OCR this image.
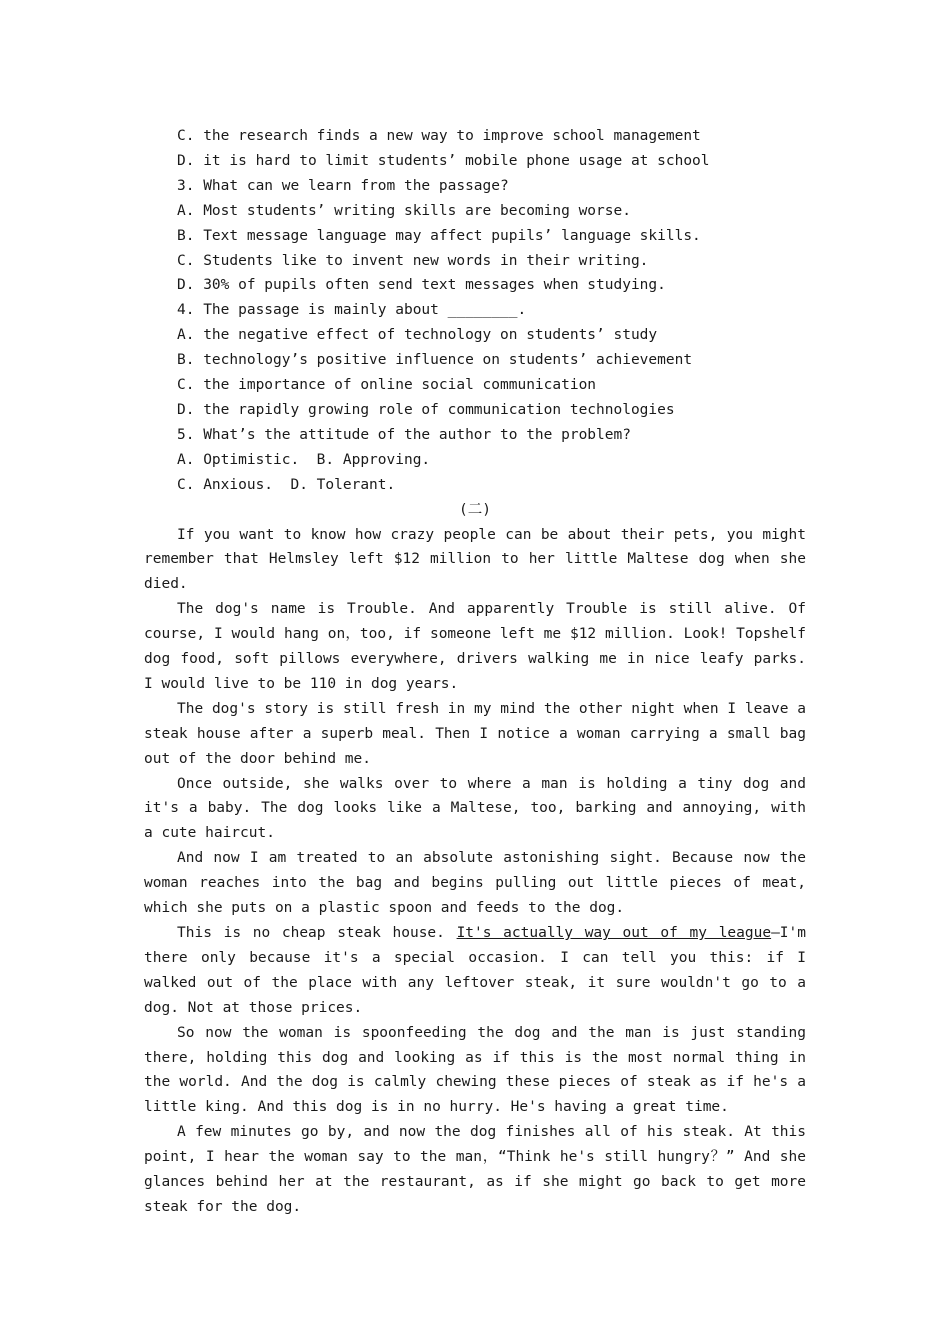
C. the research finds a new way to improve school management

D. it is hard to limit students’ mobile phone usage at school

3. What can we learn from the passage?

A. Most students’ writing skills are becoming worse.

B. Text message language may affect pupils’ language skills.

C. Students like to invent new words in their writing.

D. 30% of pupils often send text messages when studying.

4. The passage is mainly about ________.

A. the negative effect of technology on students’ study

B. technology’s positive influence on students’ achievement

C. the importance of online social communication

D. the rapidly growing role of communication technologies

5. What’s the attitude of the author to the problem?

A. Optimistic.  B. Approving.

C. Anxious.  D. Tolerant.

(二)

If you want to know how crazy people can be about their pets, you might remember that Helmsley left $12 million to her little Maltese dog when she died.

The dog's name is Trouble. And apparently Trouble is still alive. Of course, I would hang on，too, if someone left me $12 million. Look! Topshelf dog food, soft pillows everywhere, drivers walking me in nice leafy parks. I would live to be 110 in dog years.

The dog's story is still fresh in my mind the other night when I leave a steak house after a superb meal. Then I notice a woman carrying a small bag out of the door behind me.

Once outside, she walks over to where a man is holding a tiny dog and it's a baby. The dog looks like a Maltese, too, barking and annoying, with a cute haircut.

And now I am treated to an absolute astonishing sight. Because now the woman reaches into the bag and begins pulling out little pieces of meat, which she puts on a plastic spoon and feeds to the dog.

This is no cheap steak house. It's actually way out of my league—I'm there only because it's a special occasion. I can tell you this: if I walked out of the place with any leftover steak, it sure wouldn't go to a dog. Not at those prices.

So now the woman is spoonfeeding the dog and the man is just standing there, holding this dog and looking as if this is the most normal thing in the world. And the dog is calmly chewing these pieces of steak as if he's a little king. And this dog is in no hurry. He's having a great time.

A few minutes go by, and now the dog finishes all of his steak. At this point, I hear the woman say to the man，“Think he's still hungry？” And she glances behind her at the restaurant, as if she might go back to get more steak for the dog.
